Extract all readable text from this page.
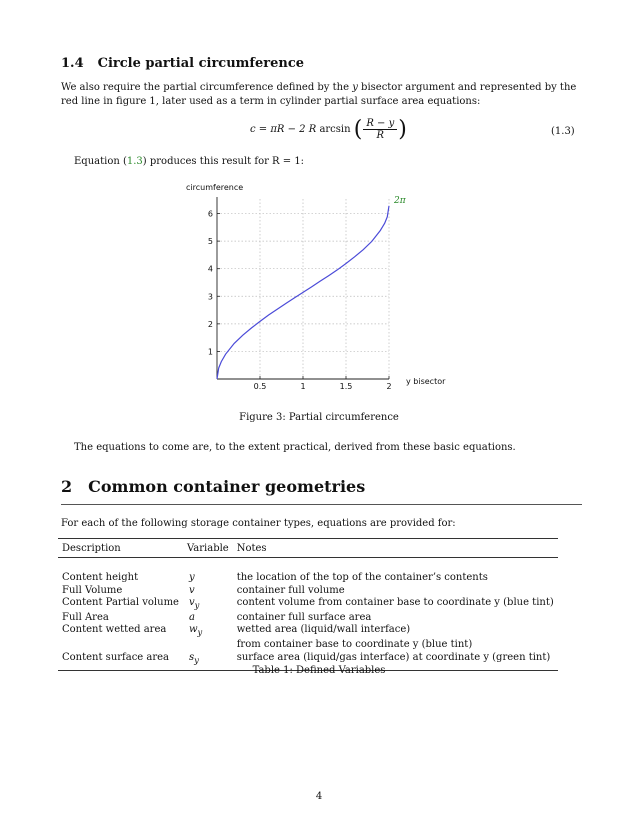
1.4 Circle partial circumference
We also require the partial circumference defined by the y bisector argument and represented by the red line in figure 1, later used as a term in cylinder partial surface area equations:
c = πR − 2 R arcsin ( $\frac{R - y}{R}$ )	(1.3)
Equation (1.3) produces this result for R = 1:
0.5	1	1.5	2
1
2
3
4
5
6
circumference
y bisector
2π
Figure 3: Partial circumference
The equations to come are, to the extent practical, derived from these basic equations.
2 Common container geometries
For each of the following storage container types, equations are provided for:
Description	Variable	Notes
Content height	y	the location of the top of the container’s contents
Full Volume	v	container full volume
Content Partial volume	$v_y$	content volume from container base to coordinate y (blue tint)
Full Area	a	container full surface area
Content wetted area	$w_y$	wetted area (liquid/wall interface)
		from container base to coordinate y (blue tint)
Content surface area	$s_y$	surface area (liquid/gas interface) at coordinate y (green tint)
Table 1: Defined Variables
4
